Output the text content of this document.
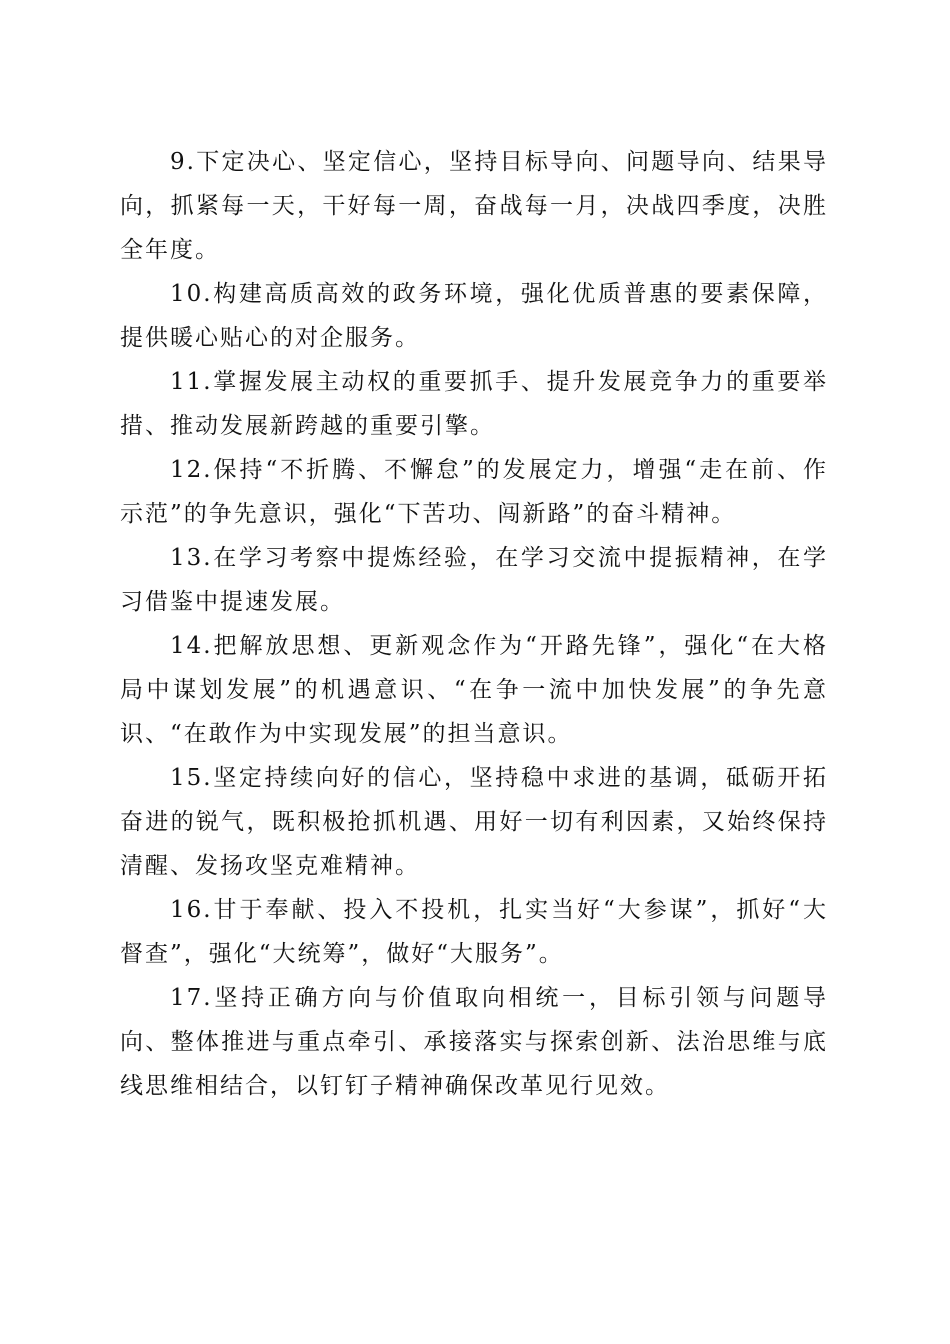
9.下定决心、坚定信心，坚持目标导向、问题导向、结果导向，抓紧每一天，干好每一周，奋战每一月，决战四季度，决胜全年度。

10.构建高质高效的政务环境，强化优质普惠的要素保障，提供暖心贴心的对企服务。

11.掌握发展主动权的重要抓手、提升发展竞争力的重要举措、推动发展新跨越的重要引擎。

12.保持“不折腾、不懈怠”的发展定力，增强“走在前、作示范”的争先意识，强化“下苦功、闯新路”的奋斗精神。

13.在学习考察中提炼经验，在学习交流中提振精神，在学习借鉴中提速发展。

14.把解放思想、更新观念作为“开路先锋”，强化“在大格局中谋划发展”的机遇意识、“在争一流中加快发展”的争先意识、“在敢作为中实现发展”的担当意识。

15.坚定持续向好的信心，坚持稳中求进的基调，砥砺开拓奋进的锐气，既积极抢抓机遇、用好一切有利因素，又始终保持清醒、发扬攻坚克难精神。

16.甘于奉献、投入不投机，扎实当好“大参谋”，抓好“大督查”，强化“大统筹”，做好“大服务”。

17.坚持正确方向与价值取向相统一，目标引领与问题导向、整体推进与重点牵引、承接落实与探索创新、法治思维与底线思维相结合，以钉钉子精神确保改革见行见效。
